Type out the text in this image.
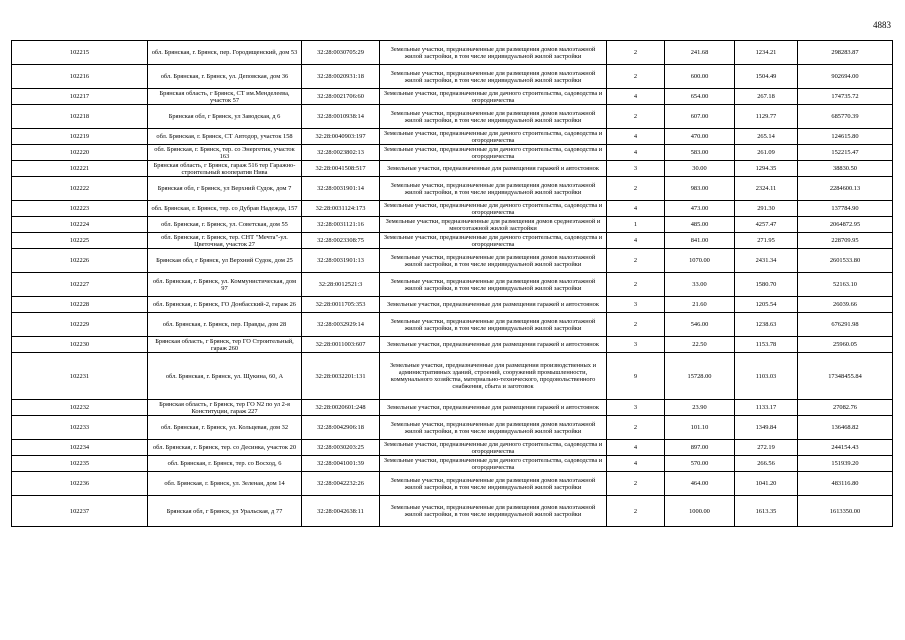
4883
102215	обл. Брянская, г. Брянск, пер. Городищенский, дом 53	32:28:0030705:29	Земельные участки, предназначенные для размещения домов малоэтажной жилой застройки, в том числе индивидуальной жилой застройки	2	241.68	1234.21	298283.87
102216	обл. Брянская, г. Брянск, ул. Деповская, дом 36	32:28:0020931:18	Земельные участки, предназначенные для размещения домов малоэтажной жилой застройки, в том числе индивидуальной жилой застройки	2	600.00	1504.49	902694.00
102217	Брянская область, г Брянск, СТ им.Менделеева, участок 57	32:28:0021706:60	Земельные участки, предназначенные для дачного строительства, садоводства и огородничества	4	654.00	267.18	174735.72
102218	Брянская обл, г Брянск, ул Заводская, д 6	32:28:0010938:14	Земельные участки, предназначенные для размещения домов малоэтажной жилой застройки, в том числе индивидуальной жилой застройки	2	607.00	1129.77	685770.39
102219	обл. Брянская, г. Брянск, СТ Автодор, участок 158	32:28:0040903:197	Земельные участки, предназначенные для дачного строительства, садоводства и огородничества	4	470.00	265.14	124615.80
102220	обл. Брянская, г. Брянск, тер. со Энергетик, участок 163	32:28:0023802:13	Земельные участки, предназначенные для дачного строительства, садоводства и огородничества	4	583.00	261.09	152215.47
102221	Брянская область, г Брянск, гараж 516 тер Гаражно-строительный кооператив Нива	32:28:0041508:517	Земельные участки, предназначенные для размещения гаражей и автостоянок	3	30.00	1294.35	38830.50
102222	Брянская обл, г Брянск, ул Верхний Судок, дом 7	32:28:0031901:14	Земельные участки, предназначенные для размещения домов малоэтажной жилой застройки, в том числе индивидуальной жилой застройки	2	983.00	2324.11	2284600.13
102223	обл. Брянская, г. Брянск, тер. со Дубрав Надежда, 157	32:28:0031124:173	Земельные участки, предназначенные для дачного строительства, садоводства и огородничества	4	473.00	291.30	137784.90
102224	обл. Брянская, г. Брянск, ул. Советская, дом 55	32:28:0031121:16	Земельные участки, предназначенные для размещения домов среднеэтажной и многоэтажной жилой застройки	1	485.00	4257.47	2064872.95
102225	обл. Брянская, г. Брянск, тер. СНТ "Мечта"-ул. Цветочная, участок 27	32:28:0023308:75	Земельные участки, предназначенные для дачного строительства, садоводства и огородничества	4	841.00	271.95	228709.95
102226	Брянская обл, г Брянск, ул Верхний Судок, дом 25	32:28:0031901:13	Земельные участки, предназначенные для размещения домов малоэтажной жилой застройки, в том числе индивидуальной жилой застройки	2	1070.00	2431.34	2601533.80
102227	обл. Брянская, г. Брянск, ул. Коммунистическая, дом 97	32:28:0012521:3	Земельные участки, предназначенные для размещения домов малоэтажной жилой застройки, в том числе индивидуальной жилой застройки	2	33.00	1580.70	52163.10
102228	обл. Брянская, г. Брянск, ГО Донбасский-2, гараж 26	32:28:0011705:353	Земельные участки, предназначенные для размещения гаражей и автостоянок	3	21.60	1205.54	26039.66
102229	обл. Брянская, г. Брянск, пер. Правды, дом 28	32:28:0032929:14	Земельные участки, предназначенные для размещения домов малоэтажной жилой застройки, в том числе индивидуальной жилой застройки	2	546.00	1238.63	676291.98
102230	Брянская область, г Брянск, тер ГО Строительный, гараж 260	32:28:0011003:607	Земельные участки, предназначенные для размещения гаражей и автостоянок	3	22.50	1153.78	25960.05
102231	обл. Брянская, г. Брянск, ул. Щукина, 60, А	32:28:0032201:131	Земельные участки, предназначенные для размещения производственных и административных зданий, строений, сооружений промышленности, коммунального хозяйства, материально-технического, продовольственного снабжения, сбыта и заготовок	9	15728.00	1103.03	17348455.84
102232	Брянская область, г Брянск, тер ГО N2 по ул 2-я Конституции, гараж 227	32:28:0020601:248	Земельные участки, предназначенные для размещения гаражей и автостоянок	3	23.90	1133.17	27082.76
102233	обл. Брянская, г. Брянск, ул. Кольцевая, дом 32	32:28:0042906:18	Земельные участки, предназначенные для размещения домов малоэтажной жилой застройки, в том числе индивидуальной жилой застройки	2	101.10	1349.84	136468.82
102234	обл. Брянская, г. Брянск, тер. со Десинка, участок 20	32:28:0030203:25	Земельные участки, предназначенные для дачного строительства, садоводства и огородничества	4	897.00	272.19	244154.43
102235	обл. Брянская, г. Брянск, тер. со Восход, 6	32:28:0041001:39	Земельные участки, предназначенные для дачного строительства, садоводства и огородничества	4	570.00	266.56	151939.20
102236	обл. Брянская, г. Брянск, ул. Зеленая, дом 14	32:28:0042232:26	Земельные участки, предназначенные для размещения домов малоэтажной жилой застройки, в том числе индивидуальной жилой застройки	2	464.00	1041.20	483116.80
102237	Брянская обл, г Брянск, ул Уральская, д 77	32:28:0042638:11	Земельные участки, предназначенные для размещения домов малоэтажной жилой застройки, в том числе индивидуальной жилой застройки	2	1000.00	1613.35	1613350.00
